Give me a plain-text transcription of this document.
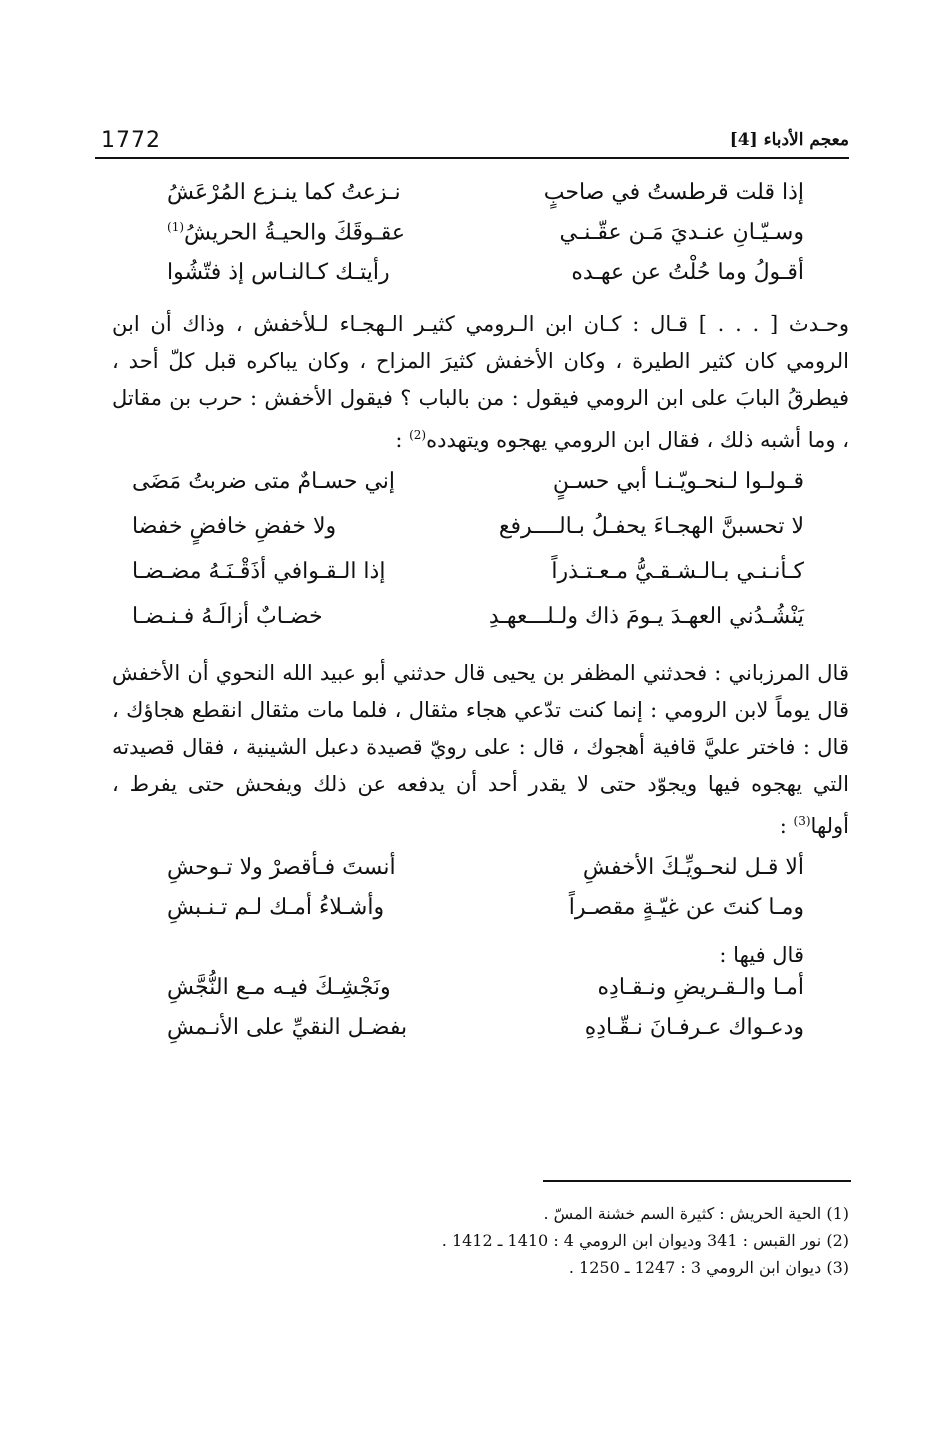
1772	معجم الأدباء [4]
إذا قلت قرطستُ في صاحبٍ
نـزعتُ كما ينـزع المُرْعَشُ
وسـيّـانِ عنـديَ مَـن عقّـنـي
عقـوقَكَ والحيـةُ الحريشُ$^{(1)}$
أقـولُ وما حُلْتُ عن عهـده
رأيتـك كـالنـاس إذ فتّشُوا

وحـدث [ . . . ] قـال : كـان ابن الـرومي كثيـر الـهجـاء لـلأخفش ، وذاك أن ابن الرومي كان كثير الطيرة ، وكان الأخفش كثيرَ المزاح ، وكان يباكره قبل كلّ أحد ، فيطرقُ البابَ على ابن الرومي فيقول : من بالباب ؟ فيقول الأخفش : حرب بن مقاتل ، وما أشبه ذلك ، فقال ابن الرومي يهجوه ويتهدده$^{(2)}$ :

قـولـوا لـنحـويّـنـا أبي حسـنٍ
إني حسـامٌ متى ضربتُ مَضَى
لا تحسبنَّ الهجـاءَ يحفـلُ بـالــــرفع
ولا خفضِ خافضٍ خفضا
كـأنـنـي بـالـشـقـيُّ مـعـتـذراً
إذا الـقـوافي أذَقْـنَـهُ مضـضـا
يَنْشُـدُني العهـدَ يـومَ ذاك ولـلـــعهـدِ
خضـابٌ أزالَـهُ فـنـضـا

قال المرزباني : فحدثني المظفر بن يحيى قال حدثني أبو عبيد الله النحوي أن الأخفش قال يوماً لابن الرومي : إنما كنت تدّعي هجاء مثقال ، فلما مات مثقال انقطع هجاؤك ، قال : فاختر عليَّ قافية أهجوك ، قال : على رويّ قصيدة دعبل الشينية ، فقال قصيدته التي يهجوه فيها ويجوّد حتى لا يقدر أحد أن يدفعه عن ذلك ويفحش حتى يفرط ، أولها$^{(3)}$ :

ألا قـل لنحـويِّـكَ الأخفشِ
أنستَ فـأقصرْ ولا تـوحشِ
ومـا كنتَ عن غيّـةٍ مقصـراً
وأشـلاءُ أمـك لـم تـنـبشِ
قال فيها :
أمـا والـقـريضِ ونـقـادِه
ونَجْشِـكَ فيـه مـع النُّجَّشِ
ودعـواك عـرفـانَ نـقّـادِهِ
بفضـل النقيِّ على الأنـمشِ
(1) الحية الحريش : كثيرة السم خشنة المسّ .
(2) نور القبس : 341 وديوان ابن الرومي 4 : 1410 ـ 1412 .
(3) ديوان ابن الرومي 3 : 1247 ـ 1250 .
